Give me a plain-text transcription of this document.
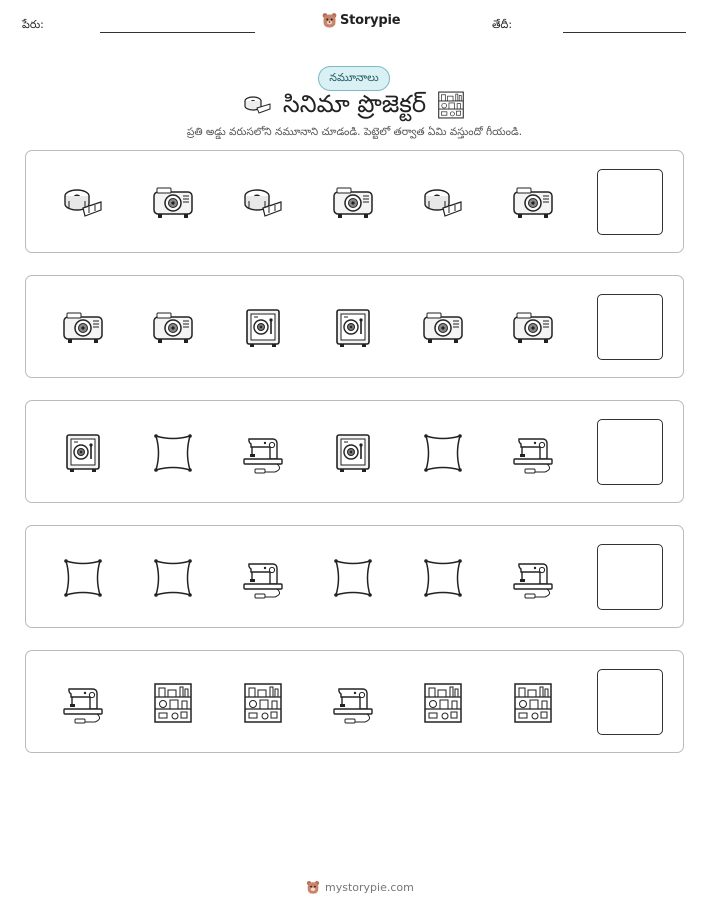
పేరు:	Storypie	తేదీ:
నమూనాలు
సినిమా ప్రొజెక్టర్
ప్రతి అడ్డు వరుసలోని నమూనాని చూడండి. పెట్టెలో తర్వాత ఏమి వస్తుందో గీయండి.
mystorypie.com
